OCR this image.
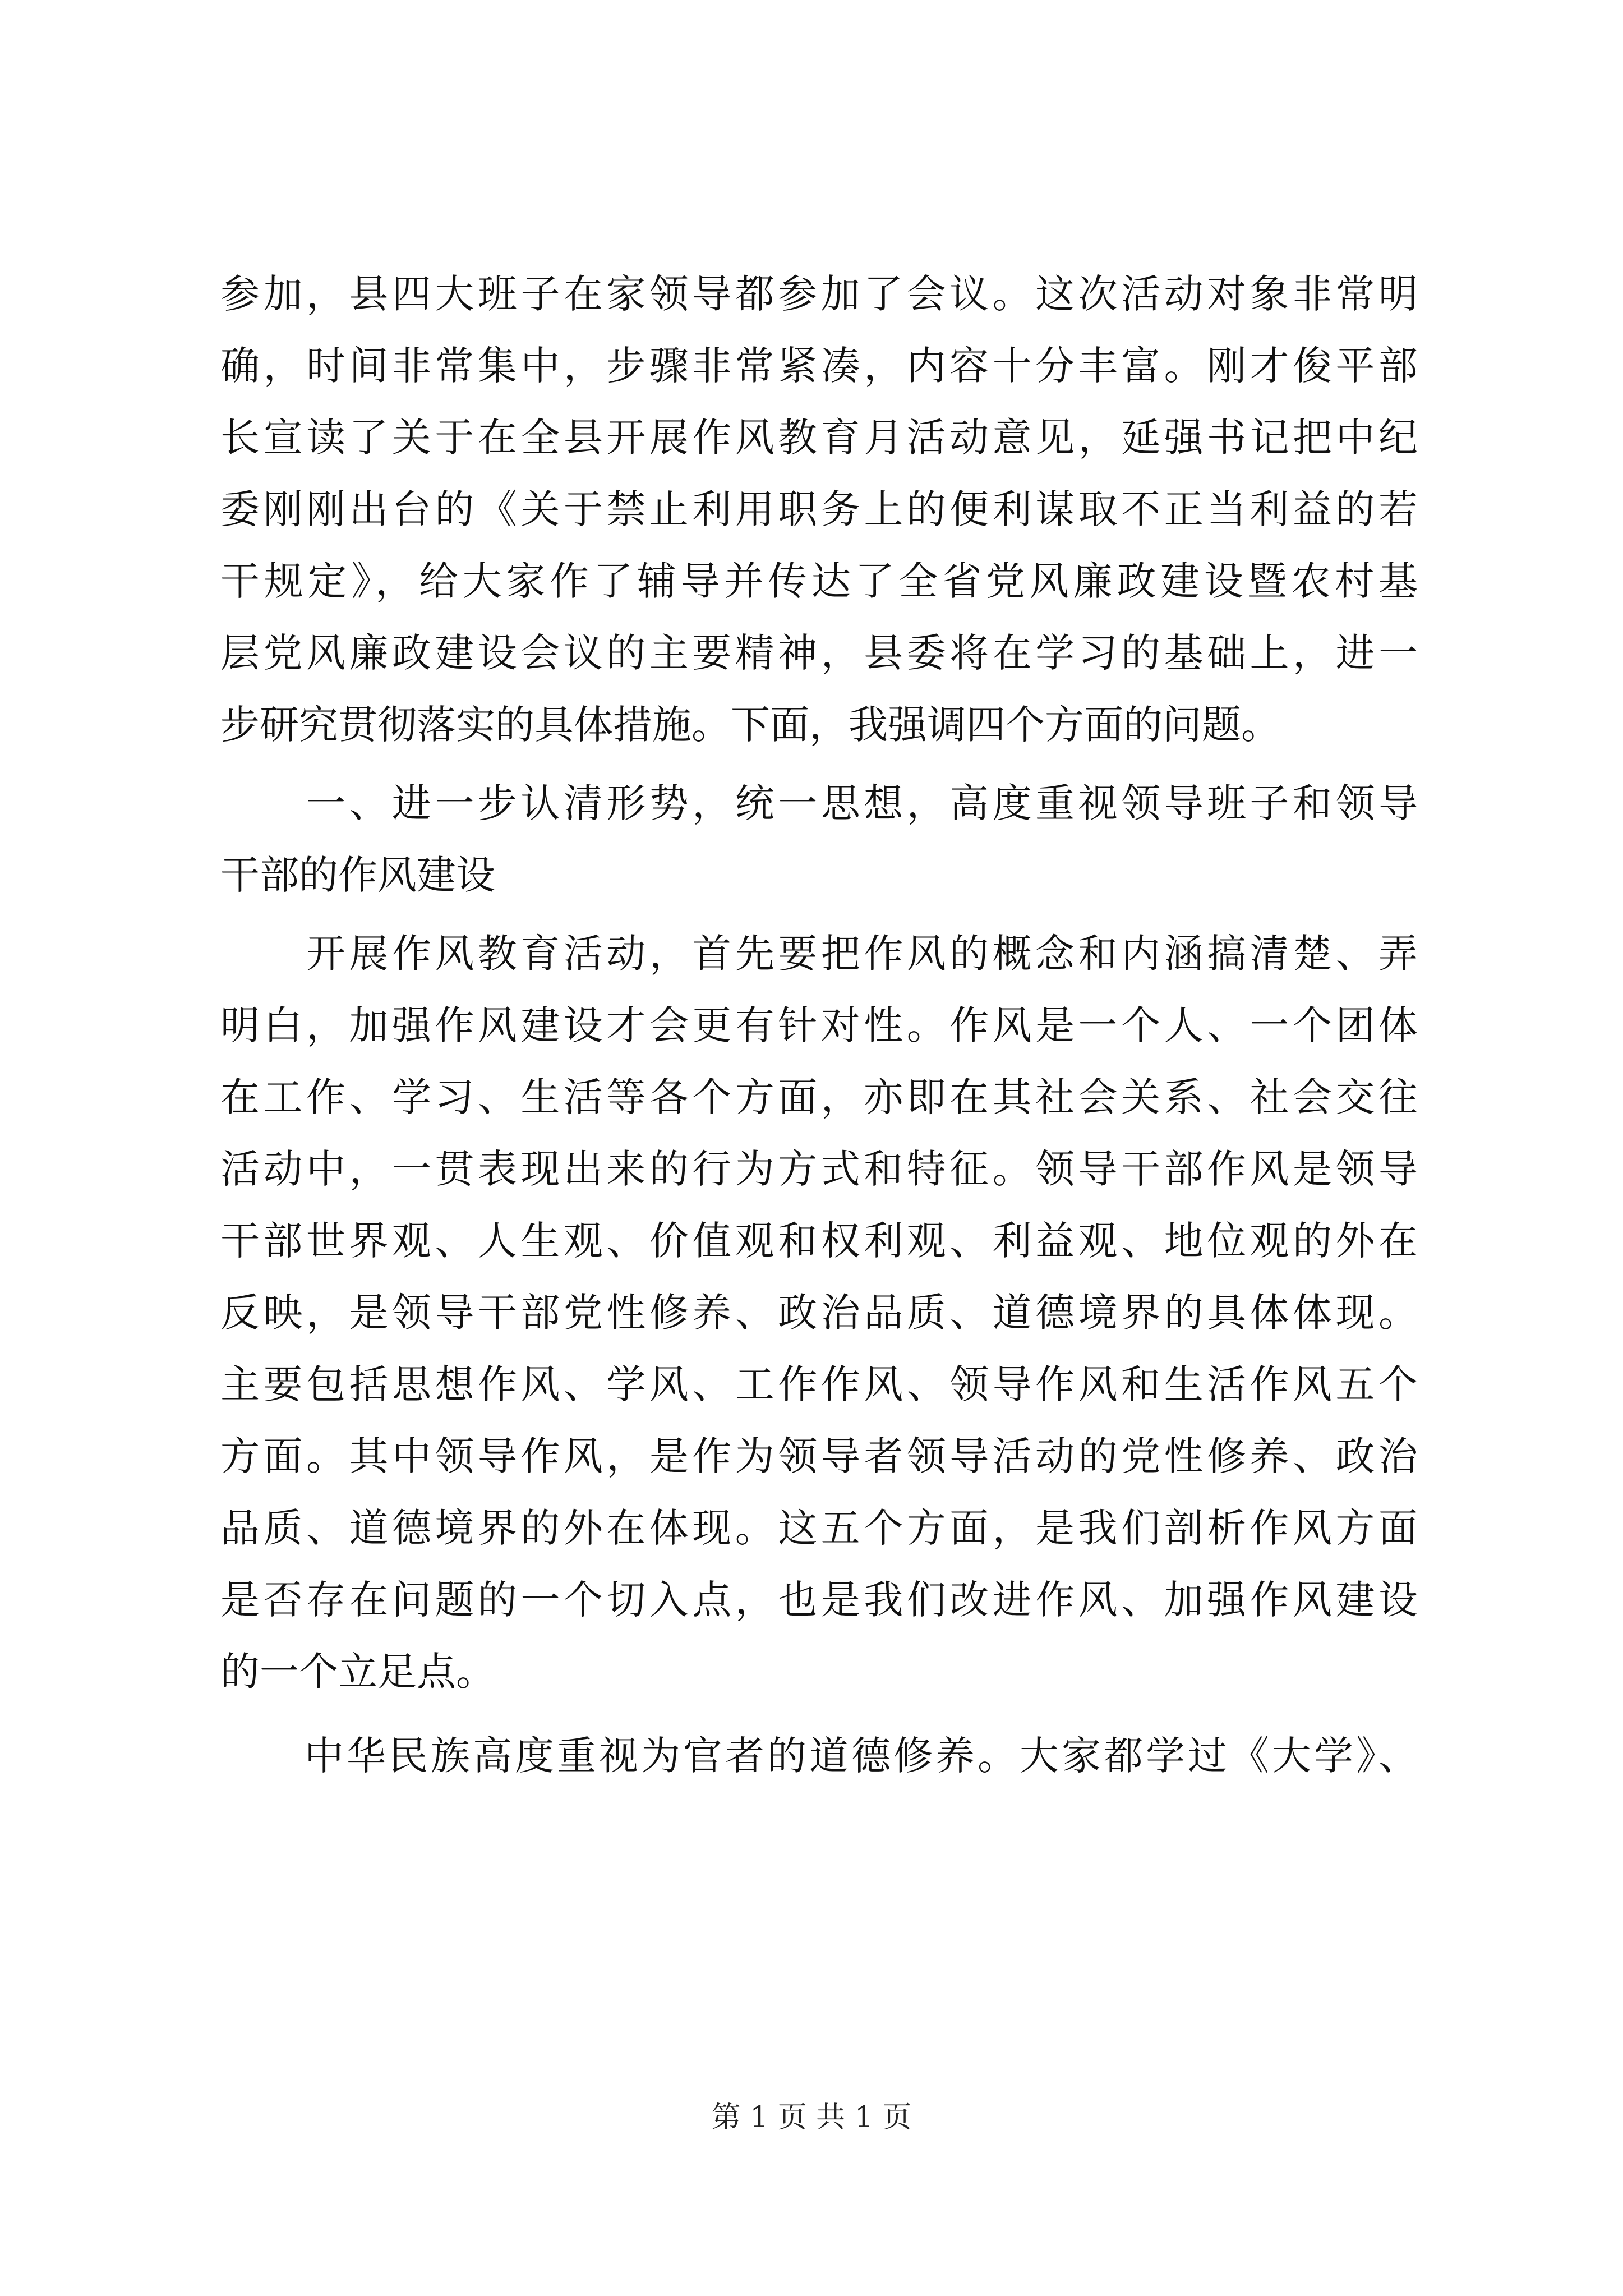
参加，县四大班子在家领导都参加了会议。这次活动对象非常明
确，时间非常集中，步骤非常紧凑，内容十分丰富。刚才俊平部
长宣读了关于在全县开展作风教育月活动意见，延强书记把中纪
委刚刚出台的《关于禁止利用职务上的便利谋取不正当利益的若
干规定》，给大家作了辅导并传达了全省党风廉政建设暨农村基
层党风廉政建设会议的主要精神，县委将在学习的基础上，进一
步研究贯彻落实的具体措施。下面，我强调四个方面的问题。
　　一、进一步认清形势，统一思想，高度重视领导班子和领导
干部的作风建设
　　开展作风教育活动，首先要把作风的概念和内涵搞清楚、弄
明白，加强作风建设才会更有针对性。作风是一个人、一个团体
在工作、学习、生活等各个方面，亦即在其社会关系、社会交往
活动中，一贯表现出来的行为方式和特征。领导干部作风是领导
干部世界观、人生观、价值观和权利观、利益观、地位观的外在
反映，是领导干部党性修养、政治品质、道德境界的具体体现。
主要包括思想作风、学风、工作作风、领导作风和生活作风五个
方面。其中领导作风，是作为领导者领导活动的党性修养、政治
品质、道德境界的外在体现。这五个方面，是我们剖析作风方面
是否存在问题的一个切入点，也是我们改进作风、加强作风建设
的一个立足点。
　　中华民族高度重视为官者的道德修养。大家都学过《大学》、
第 1 页 共 1 页
